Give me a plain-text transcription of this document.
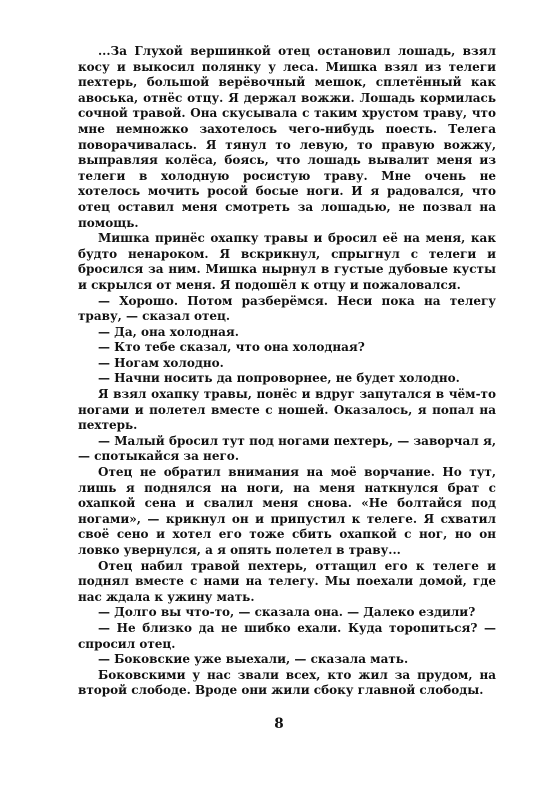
...За Глухой вершинкой отец остановил лошадь, взял косу и выкосил полянку у леса. Мишка взял из телеги пехтерь, большой верёвочный мешок, сплетённый как авоська, отнёс отцу. Я держал вожжи. Лошадь кормилась сочной травой. Она скусывала с таким хрустом траву, что мне немножко захотелось чего-нибудь поесть. Телега поворачивалась. Я тянул то левую, то правую вожжу, выправляя колёса, боясь, что лошадь вывалит меня из телеги в холодную росистую траву. Мне очень не хотелось мочить росой босые ноги. И я радовался, что отец оставил меня смотреть за лошадью, не позвал на помощь.

Мишка принёс охапку травы и бросил её на меня, как будто ненароком. Я вскрикнул, спрыгнул с телеги и бросился за ним. Мишка нырнул в густые дубовые кусты и скрылся от меня. Я подошёл к отцу и пожаловался.

— Хорошо. Потом разберёмся. Неси пока на телегу траву, — сказал отец.

— Да, она холодная.

— Кто тебе сказал, что она холодная?

— Ногам холодно.

— Начни носить да попроворнее, не будет холодно.

Я взял охапку травы, понёс и вдруг запутался в чём-то ногами и полетел вместе с ношей. Оказалось, я попал на пехтерь.

— Малый бросил тут под ногами пехтерь, — заворчал я, — спотыкайся за него.

Отец не обратил внимания на моё ворчание. Но тут, лишь я поднялся на ноги, на меня наткнулся брат с охапкой сена и свалил меня снова. «Не болтайся под ногами», — крикнул он и припустил к телеге. Я схватил своё сено и хотел его тоже сбить охапкой с ног, но он ловко увернулся, а я опять полетел в траву...

Отец набил травой пехтерь, оттащил его к телеге и поднял вместе с нами на телегу. Мы поехали домой, где нас ждала к ужину мать.

— Долго вы что-то, — сказала она. — Далеко ездили?

— Не близко да не шибко ехали. Куда торопиться? — спросил отец.

— Боковские уже выехали, — сказала мать.

Боковскими у нас звали всех, кто жил за прудом, на второй слободе. Вроде они жили сбоку главной слободы.

8
